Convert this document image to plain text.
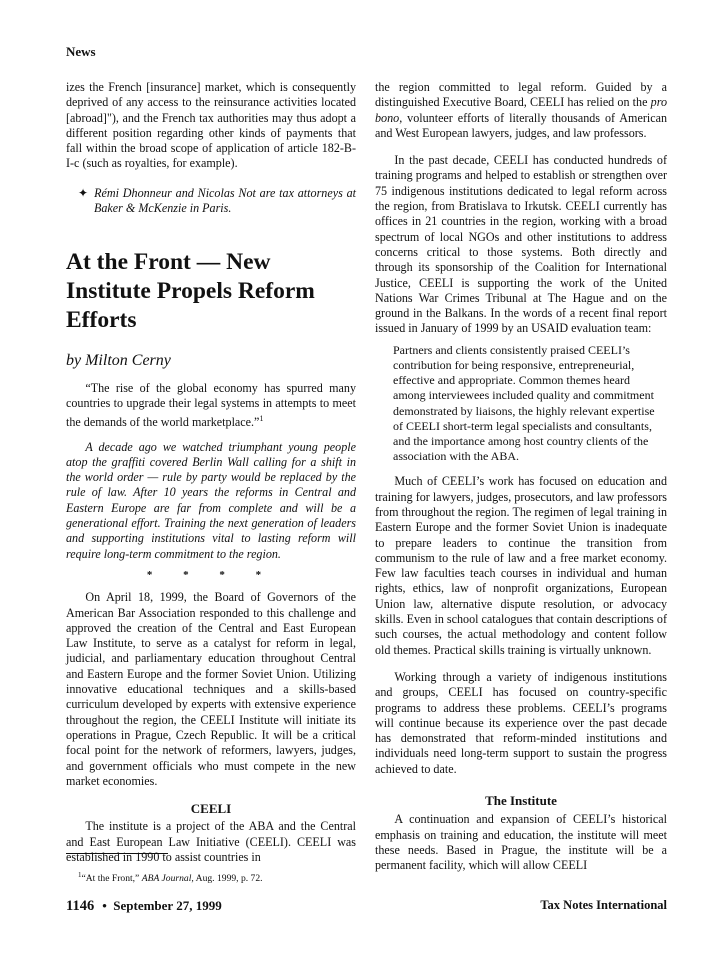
News

izes the French [insurance] market, which is consequently deprived of any access to the reinsurance activities located [abroad]"), and the French tax authorities may thus adopt a different position regarding other kinds of payments that fall within the broad scope of application of article 182-B-I-c (such as royalties, for example).

✦ Rémi Dhonneur and Nicolas Not are tax attorneys at Baker & McKenzie in Paris.

At the Front — New Institute Propels Reform Efforts
by Milton Cerny

“The rise of the global economy has spurred many countries to upgrade their legal systems in attempts to meet the demands of the world marketplace.”$^1$

A decade ago we watched triumphant young people atop the graffiti covered Berlin Wall calling for a shift in the world order — rule by party would be replaced by the rule of law. After 10 years the reforms in Central and Eastern Europe are far from complete and will be a generational effort. Training the next generation of leaders and supporting institutions vital to lasting reform will require long-term commitment to the region.

* * * *

On April 18, 1999, the Board of Governors of the American Bar Association responded to this challenge and approved the creation of the Central and East European Law Institute, to serve as a catalyst for reform in legal, judicial, and parliamentary education throughout Central and Eastern Europe and the former Soviet Union. Utilizing innovative educational techniques and a skills-based curriculum developed by experts with extensive experience throughout the region, the CEELI Institute will initiate its operations in Prague, Czech Republic. It will be a critical focal point for the network of reformers, lawyers, judges, and government officials who must compete in the new market economies.

CEELI

The institute is a project of the ABA and the Central and East European Law Initiative (CEELI). CEELI was established in 1990 to assist countries in

$^1$“At the Front,” ABA Journal, Aug. 1999, p. 72.

the region committed to legal reform. Guided by a distinguished Executive Board, CEELI has relied on the pro bono, volunteer efforts of literally thousands of American and West European lawyers, judges, and law professors.

In the past decade, CEELI has conducted hundreds of training programs and helped to establish or strengthen over 75 indigenous institutions dedicated to legal reform across the region, from Bratislava to Irkutsk. CEELI currently has offices in 21 countries in the region, working with a broad spectrum of local NGOs and other institutions to address concerns critical to those systems. Both directly and through its sponsorship of the Coalition for International Justice, CEELI is supporting the work of the United Nations War Crimes Tribunal at The Hague and on the ground in the Balkans. In the words of a recent final report issued in January of 1999 by an USAID evaluation team:

Partners and clients consistently praised CEELI’s contribution for being responsive, entrepreneurial, effective and appropriate. Common themes heard among interviewees included quality and commitment demonstrated by liaisons, the highly relevant expertise of CEELI short-term legal specialists and consultants, and the importance among host country clients of the association with the ABA.

Much of CEELI’s work has focused on education and training for lawyers, judges, prosecutors, and law professors from throughout the region. The regimen of legal training in Eastern Europe and the former Soviet Union is inadequate to prepare leaders to continue the transition from communism to the rule of law and a free market economy. Few law faculties teach courses in individual and human rights, ethics, law of nonprofit organizations, European Union law, alternative dispute resolution, or advocacy skills. Even in school catalogues that contain descriptions of such courses, the actual methodology and content follow old themes. Practical skills training is virtually unknown.

Working through a variety of indigenous institutions and groups, CEELI has focused on country-specific programs to address these problems. CEELI’s programs will continue because its experience over the past decade has demonstrated that reform-minded institutions and individuals need long-term support to sustain the progress achieved to date.

The Institute

A continuation and expansion of CEELI’s historical emphasis on training and education, the institute will meet these needs. Based in Prague, the institute will be a permanent facility, which will allow CEELI

1146 • September 27, 1999	Tax Notes International
